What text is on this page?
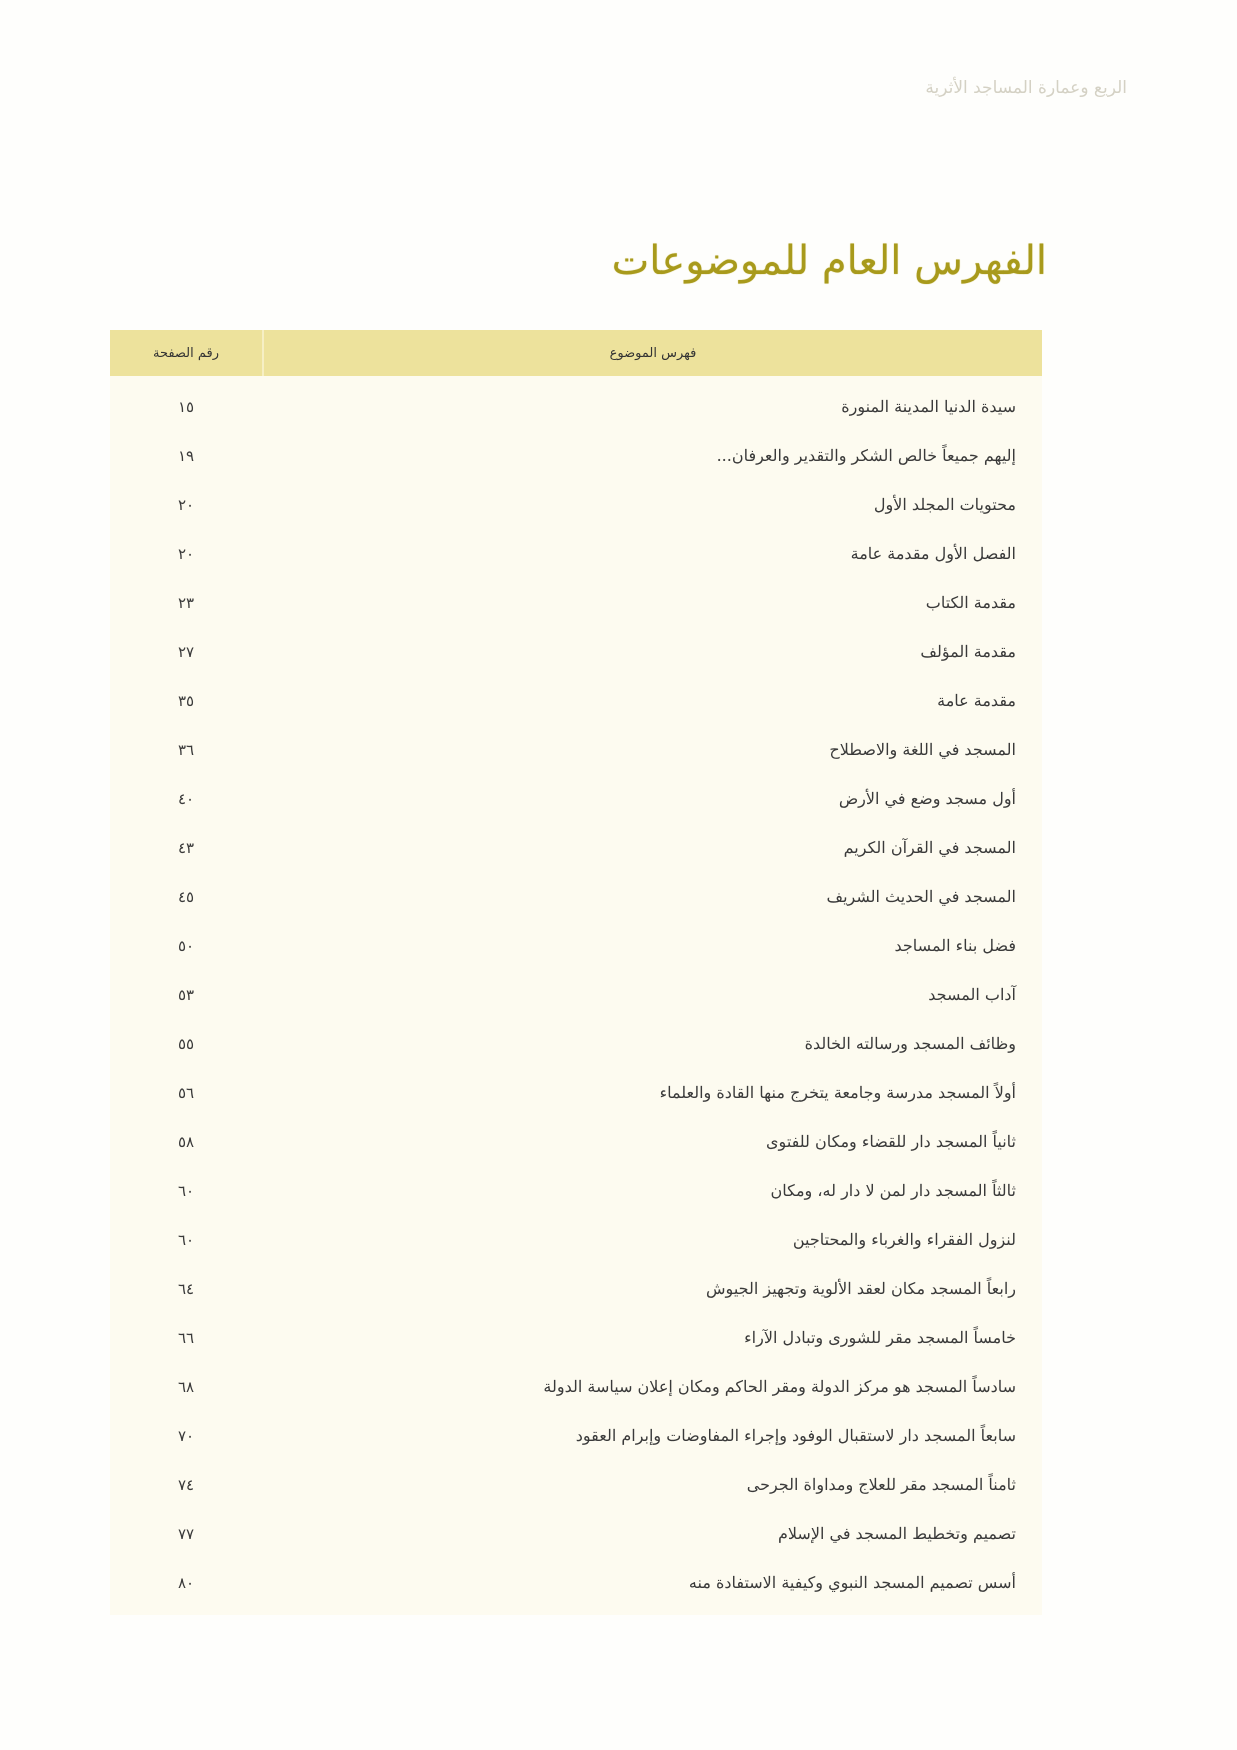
الريع وعمارة المساجد الأثرية
الفهرس العام للموضوعات
فهرس الموضوع
رقم الصفحة
سيدة الدنيا المدينة المنورة
١٥
إليهم جميعاً خالص الشكر والتقدير والعرفان...
١٩
محتويات المجلد الأول
٢٠
الفصل الأول مقدمة عامة
٢٠
مقدمة الكتاب
٢٣
مقدمة المؤلف
٢٧
مقدمة عامة
٣٥
المسجد في اللغة والاصطلاح
٣٦
أول مسجد وضع في الأرض
٤٠
المسجد في القرآن الكريم
٤٣
المسجد في الحديث الشريف
٤٥
فضل بناء المساجد
٥٠
آداب المسجد
٥٣
وظائف المسجد ورسالته الخالدة
٥٥
أولاً المسجد مدرسة وجامعة يتخرج منها القادة والعلماء
٥٦
ثانياً المسجد دار للقضاء ومكان للفتوى
٥٨
ثالثاً المسجد دار لمن لا دار له، ومكان
٦٠
لنزول الفقراء والغرباء والمحتاجين
٦٠
رابعاً المسجد مكان لعقد الألوية وتجهيز الجيوش
٦٤
خامساً المسجد مقر للشورى وتبادل الآراء
٦٦
سادساً المسجد هو مركز الدولة ومقر الحاكم ومكان إعلان سياسة الدولة
٦٨
سابعاً المسجد دار لاستقبال الوفود وإجراء المفاوضات وإبرام العقود
٧٠
ثامناً المسجد مقر للعلاج ومداواة الجرحى
٧٤
تصميم وتخطيط المسجد في الإسلام
٧٧
أسس تصميم المسجد النبوي وكيفية الاستفادة منه
٨٠
